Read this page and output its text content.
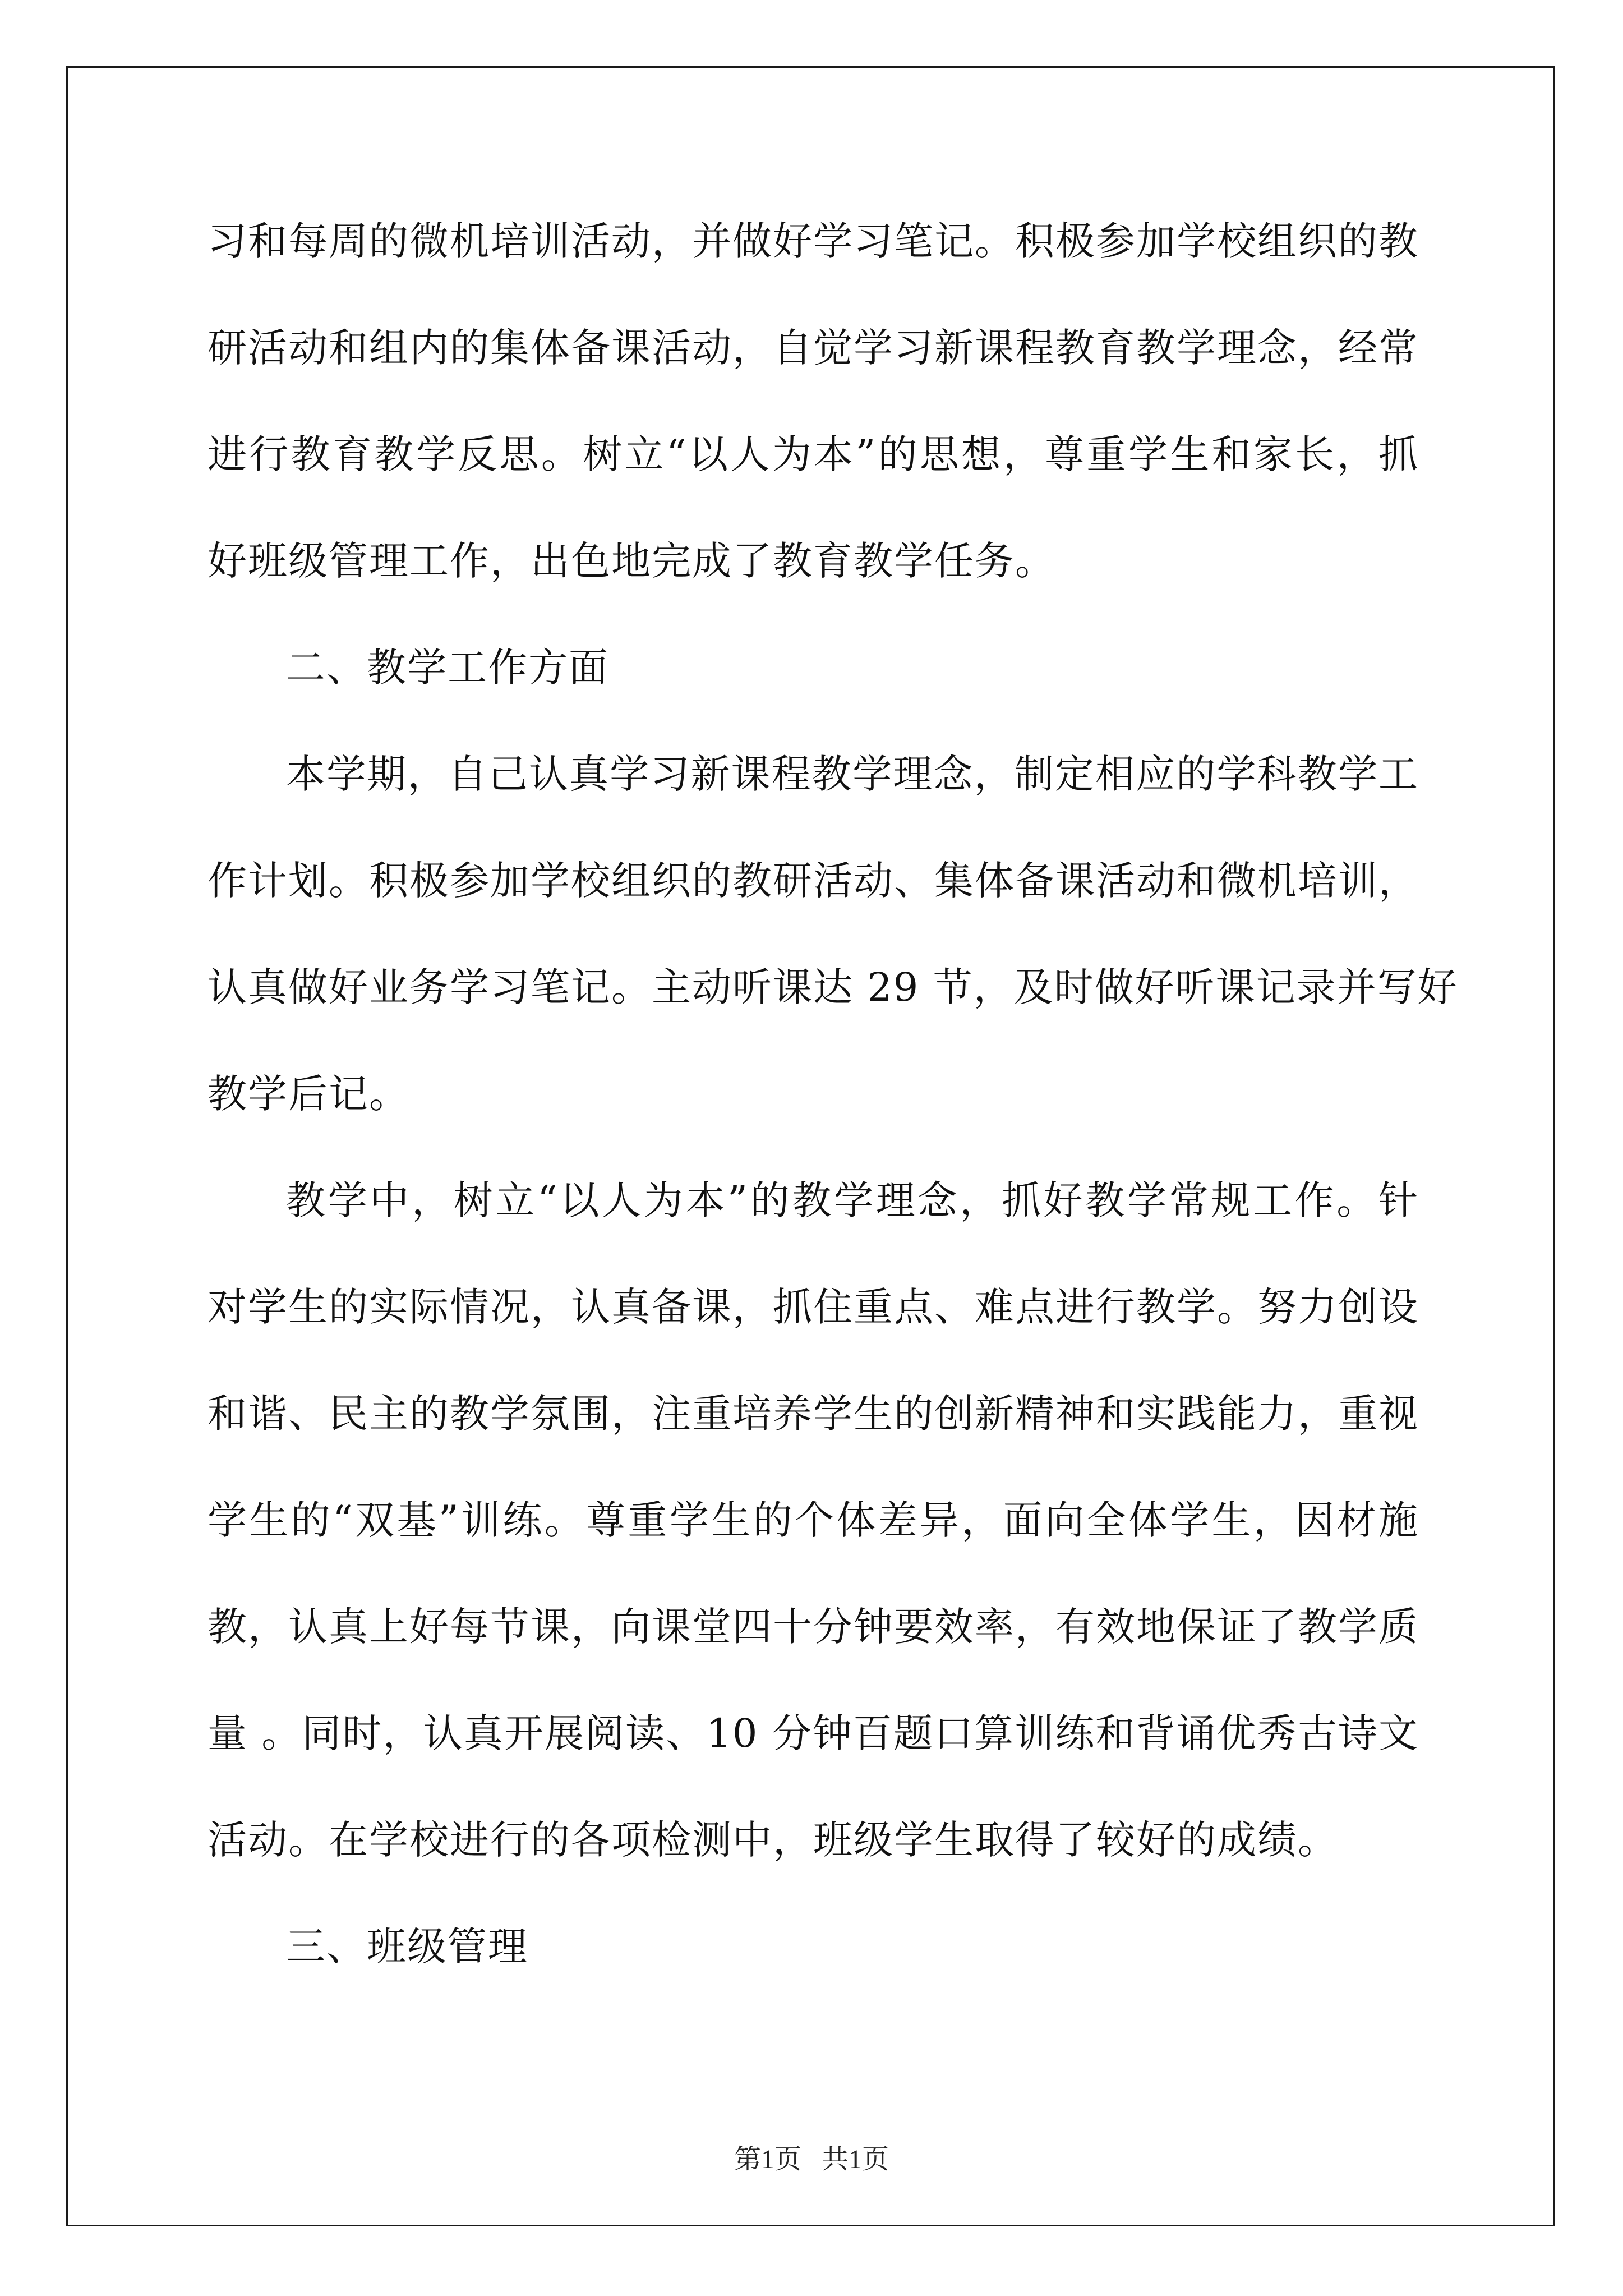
习和每周的微机培训活动，并做好学习笔记。积极参加学校组织的教
研活动和组内的集体备课活动，自觉学习新课程教育教学理念，经常
进行教育教学反思。树立“以人为本”的思想，尊重学生和家长，抓
好班级管理工作，出色地完成了教育教学任务。
二、教学工作方面
本学期，自己认真学习新课程教学理念，制定相应的学科教学工
作计划。积极参加学校组织的教研活动、集体备课活动和微机培训，
认真做好业务学习笔记。主动听课达 29 节，及时做好听课记录并写好
教学后记。
教学中，树立“以人为本”的教学理念，抓好教学常规工作。针
对学生的实际情况，认真备课，抓住重点、难点进行教学。努力创设
和谐、民主的教学氛围，注重培养学生的创新精神和实践能力，重视
学生的“双基”训练。尊重学生的个体差异，面向全体学生，因材施
教，认真上好每节课，向课堂四十分钟要效率，有效地保证了教学质
量 。同时，认真开展阅读、10 分钟百题口算训练和背诵优秀古诗文
活动。在学校进行的各项检测中，班级学生取得了较好的成绩。
三、班级管理
第1页   共1页
